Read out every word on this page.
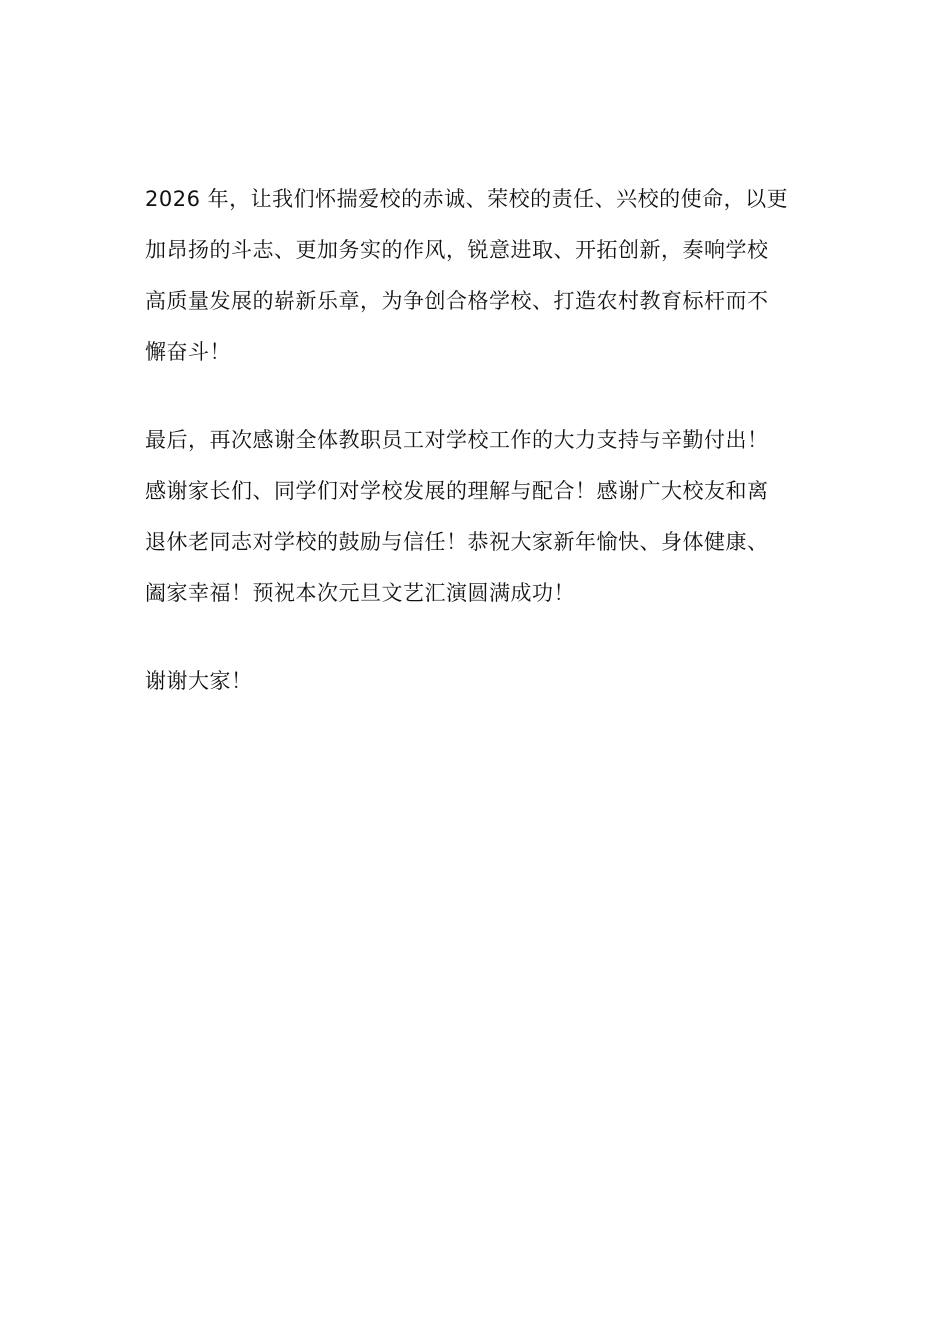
2026 年，让我们怀揣爱校的赤诚、荣校的责任、兴校的使命，以更
加昂扬的斗志、更加务实的作风，锐意进取、开拓创新，奏响学校
高质量发展的崭新乐章，为争创合格学校、打造农村教育标杆而不
懈奋斗！
最后，再次感谢全体教职员工对学校工作的大力支持与辛勤付出！
感谢家长们、同学们对学校发展的理解与配合！感谢广大校友和离
退休老同志对学校的鼓励与信任！恭祝大家新年愉快、身体健康、
阖家幸福！预祝本次元旦文艺汇演圆满成功！
谢谢大家！
